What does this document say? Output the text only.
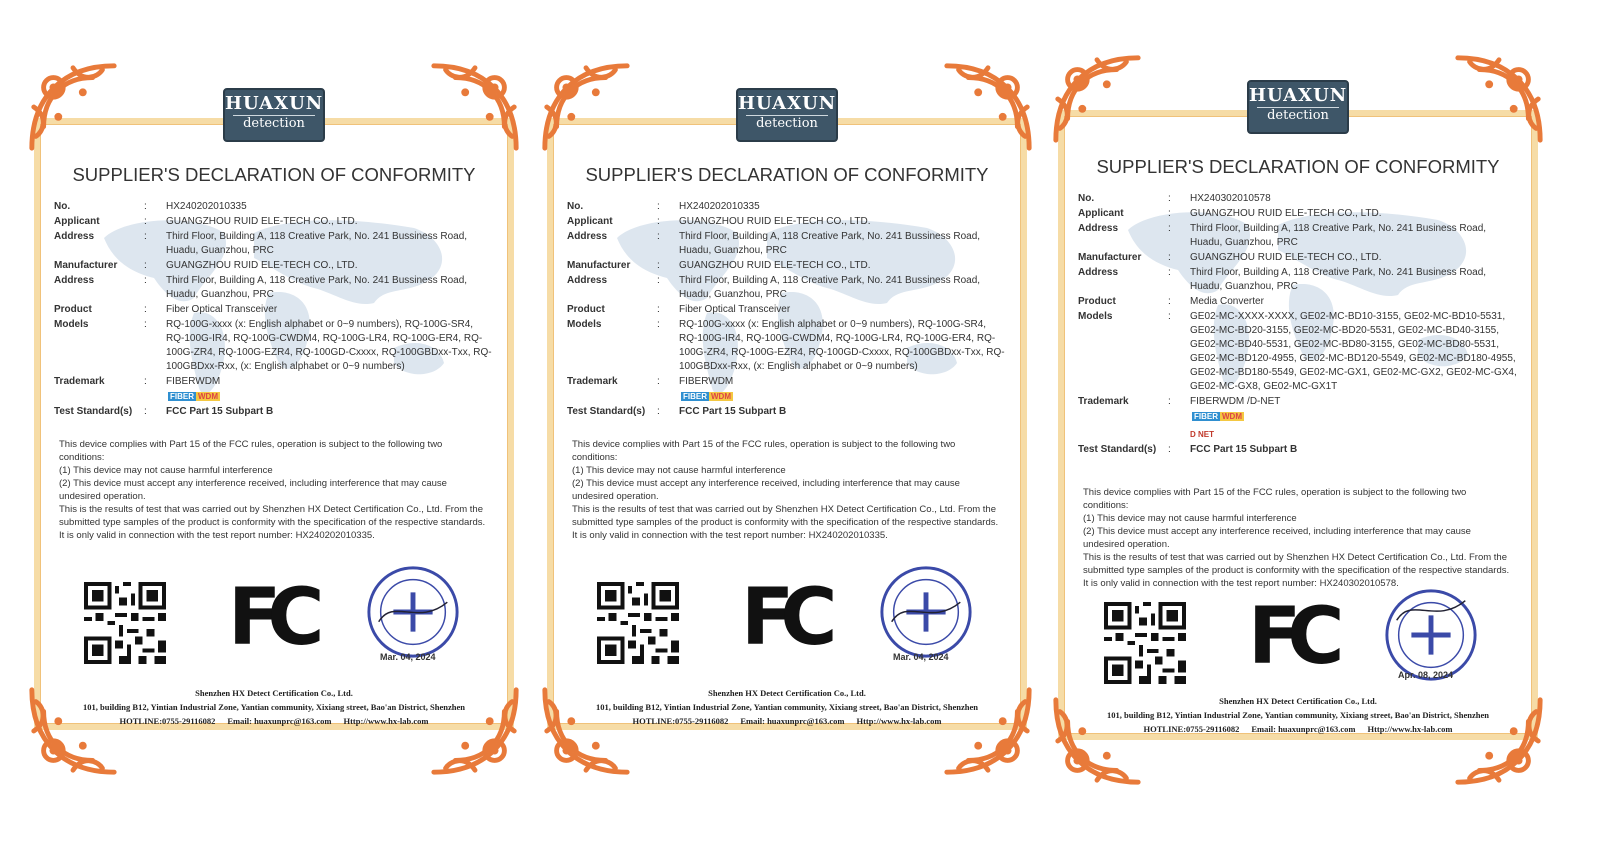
HUAXUN
detection
SUPPLIER'S DECLARATION OF CONFORMITY
No.	:	HX240202010335
Applicant	:	GUANGZHOU RUID ELE-TECH CO., LTD.
Address	:	Third Floor, Building A, 118 Creative Park, No. 241 Bussiness Road, Huadu, Guanzhou, PRC
Manufacturer	:	GUANGZHOU RUID ELE-TECH CO., LTD.
Address	:	Third Floor, Building A, 118 Creative Park, No. 241 Bussiness Road, Huadu, Guanzhou, PRC
Product	:	Fiber Optical Transceiver
Models	:	RQ-100G-xxxx (x: English alphabet or 0~9 numbers), RQ-100G-SR4, RQ-100G-IR4, RQ-100G-CWDM4, RQ-100G-LR4, RQ-100G-ER4, RQ-100G-ZR4, RQ-100G-EZR4, RQ-100GD-Cxxxx, RQ-100GBDxx-Txx, RQ-100GBDxx-Rxx, (x: English alphabet or 0~9 numbers)
Trademark	:	FIBERWDM
FIBER WDM
Test Standard(s)	:	FCC Part 15 Subpart B

This device complies with Part 15 of the FCC rules, operation is subject to the following two conditions:

(1) This device may not cause harmful interference

(2) This device must accept any interference received, including interference that may cause undesired operation.

This is the results of test that was carried out by Shenzhen HX Detect Certification Co., Ltd. From the submitted type samples of the product is conformity with the specification of the respective standards.

It is only valid in connection with the test report number: HX240202010335.

FC	Mar. 04, 2024
Shenzhen HX Detect Certification Co., Ltd.
101, building B12, Yintian Industrial Zone, Yantian community, Xixiang street, Bao'an District, Shenzhen
HOTLINE:0755-29116082 Email: huaxunprc@163.com Http://www.hx-lab.com
HUAXUN
detection
SUPPLIER'S DECLARATION OF CONFORMITY
No.	:	HX240202010335
Applicant	:	GUANGZHOU RUID ELE-TECH CO., LTD.
Address	:	Third Floor, Building A, 118 Creative Park, No. 241 Bussiness Road, Huadu, Guanzhou, PRC
Manufacturer	:	GUANGZHOU RUID ELE-TECH CO., LTD.
Address	:	Third Floor, Building A, 118 Creative Park, No. 241 Bussiness Road, Huadu, Guanzhou, PRC
Product	:	Fiber Optical Transceiver
Models	:	RQ-100G-xxxx (x: English alphabet or 0~9 numbers), RQ-100G-SR4, RQ-100G-IR4, RQ-100G-CWDM4, RQ-100G-LR4, RQ-100G-ER4, RQ-100G-ZR4, RQ-100G-EZR4, RQ-100GD-Cxxxx, RQ-100GBDxx-Txx, RQ-100GBDxx-Rxx, (x: English alphabet or 0~9 numbers)
Trademark	:	FIBERWDM
FIBER WDM
Test Standard(s)	:	FCC Part 15 Subpart B

This device complies with Part 15 of the FCC rules, operation is subject to the following two conditions:

(1) This device may not cause harmful interference

(2) This device must accept any interference received, including interference that may cause undesired operation.

This is the results of test that was carried out by Shenzhen HX Detect Certification Co., Ltd. From the submitted type samples of the product is conformity with the specification of the respective standards.

It is only valid in connection with the test report number: HX240202010335.

FC	Mar. 04, 2024
Shenzhen HX Detect Certification Co., Ltd.
101, building B12, Yintian Industrial Zone, Yantian community, Xixiang street, Bao'an District, Shenzhen
HOTLINE:0755-29116082 Email: huaxunprc@163.com Http://www.hx-lab.com
HUAXUN
detection
SUPPLIER'S DECLARATION OF CONFORMITY
No.	:	HX240302010578
Applicant	:	GUANGZHOU RUID ELE-TECH CO., LTD.
Address	:	Third Floor, Building A, 118 Creative Park, No. 241 Business Road, Huadu, Guanzhou, PRC
Manufacturer	:	GUANGZHOU RUID ELE-TECH CO., LTD.
Address	:	Third Floor, Building A, 118 Creative Park, No. 241 Business Road, Huadu, Guanzhou, PRC
Product	:	Media Converter
Models	:	GE02-MC-XXXX-XXXX, GE02-MC-BD10-3155, GE02-MC-BD10-5531, GE02-MC-BD20-3155, GE02-MC-BD20-5531, GE02-MC-BD40-3155, GE02-MC-BD40-5531, GE02-MC-BD80-3155, GE02-MC-BD80-5531, GE02-MC-BD120-4955, GE02-MC-BD120-5549, GE02-MC-BD180-4955, GE02-MC-BD180-5549, GE02-MC-GX1, GE02-MC-GX2, GE02-MC-GX4, GE02-MC-GX8, GE02-MC-GX1T
Trademark	:	FIBERWDM /D-NET
FIBER WDM
D NET
Test Standard(s)	:	FCC Part 15 Subpart B

This device complies with Part 15 of the FCC rules, operation is subject to the following two conditions:

(1) This device may not cause harmful interference

(2) This device must accept any interference received, including interference that may cause undesired operation.

This is the results of test that was carried out by Shenzhen HX Detect Certification Co., Ltd. From the submitted type samples of the product is conformity with the specification of the respective standards.

It is only valid in connection with the test report number: HX240302010578.

FC	Apr. 08, 2024
Shenzhen HX Detect Certification Co., Ltd.
101, building B12, Yintian Industrial Zone, Yantian community, Xixiang street, Bao'an District, Shenzhen
HOTLINE:0755-29116082 Email: huaxunprc@163.com Http://www.hx-lab.com
